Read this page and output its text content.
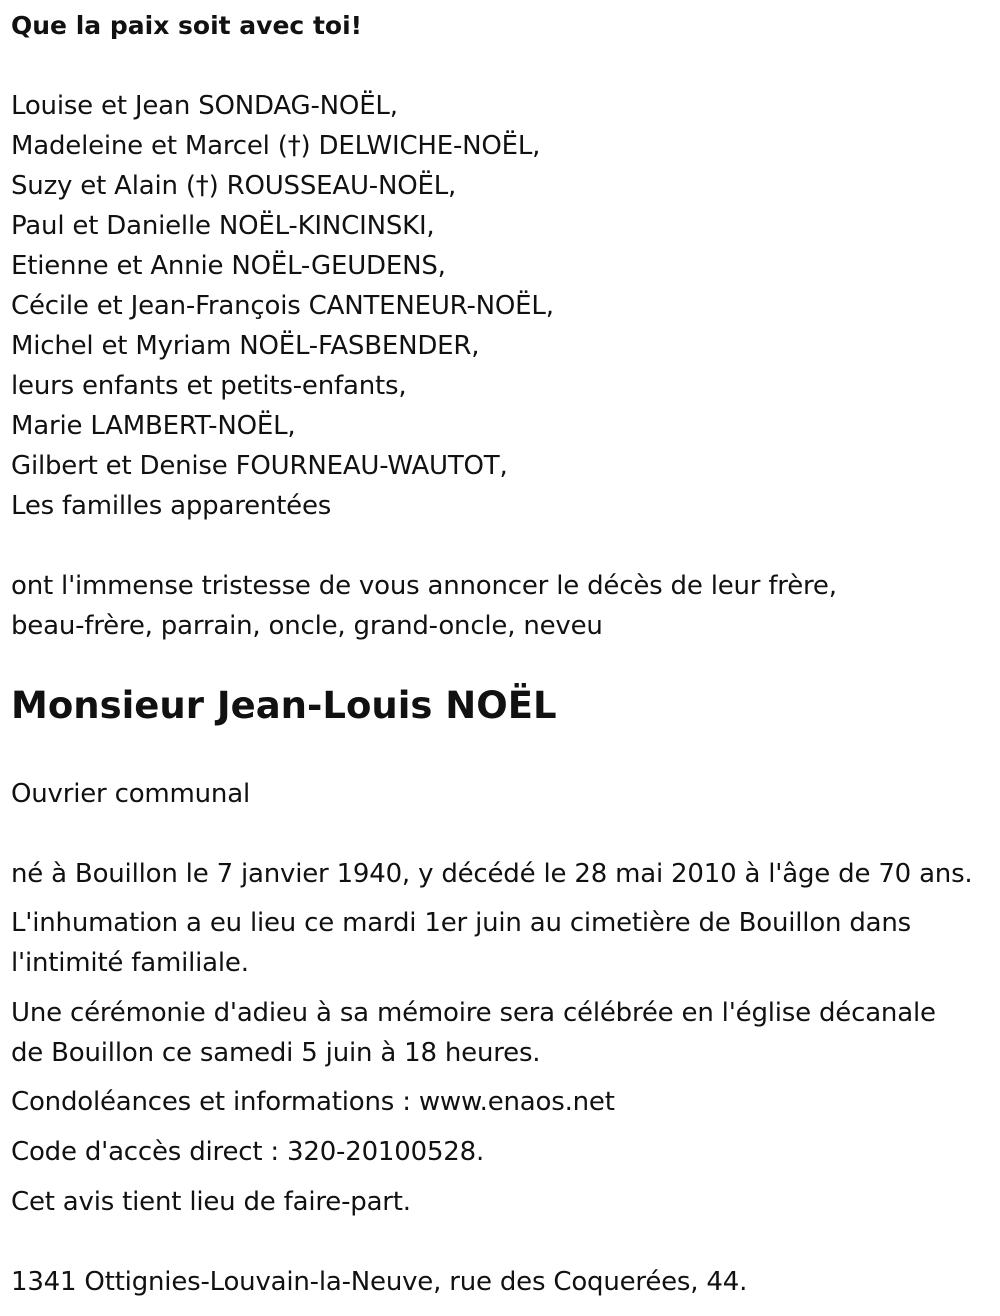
Que la paix soit avec toi!
Louise et Jean SONDAG-NOËL,
Madeleine et Marcel (†) DELWICHE-NOËL,
Suzy et Alain (†) ROUSSEAU-NOËL,
Paul et Danielle NOËL-KINCINSKI,
Etienne et Annie NOËL-GEUDENS,
Cécile et Jean-François CANTENEUR-NOËL,
Michel et Myriam NOËL-FASBENDER,
leurs enfants et petits-enfants,
Marie LAMBERT-NOËL,
Gilbert et Denise FOURNEAU-WAUTOT,
Les familles apparentées
ont l'immense tristesse de vous annoncer le décès de leur frère,
beau-frère, parrain, oncle, grand-oncle, neveu
Monsieur Jean-Louis NOËL
Ouvrier communal
né à Bouillon le 7 janvier 1940, y décédé le 28 mai 2010 à l'âge de 70 ans.
L'inhumation a eu lieu ce mardi 1er juin au cimetière de Bouillon dans
l'intimité familiale.
Une cérémonie d'adieu à sa mémoire sera célébrée en l'église décanale
de Bouillon ce samedi 5 juin à 18 heures.
Condoléances et informations : www.enaos.net
Code d'accès direct : 320-20100528.
Cet avis tient lieu de faire-part.
1341 Ottignies-Louvain-la-Neuve, rue des Coquerées, 44.
